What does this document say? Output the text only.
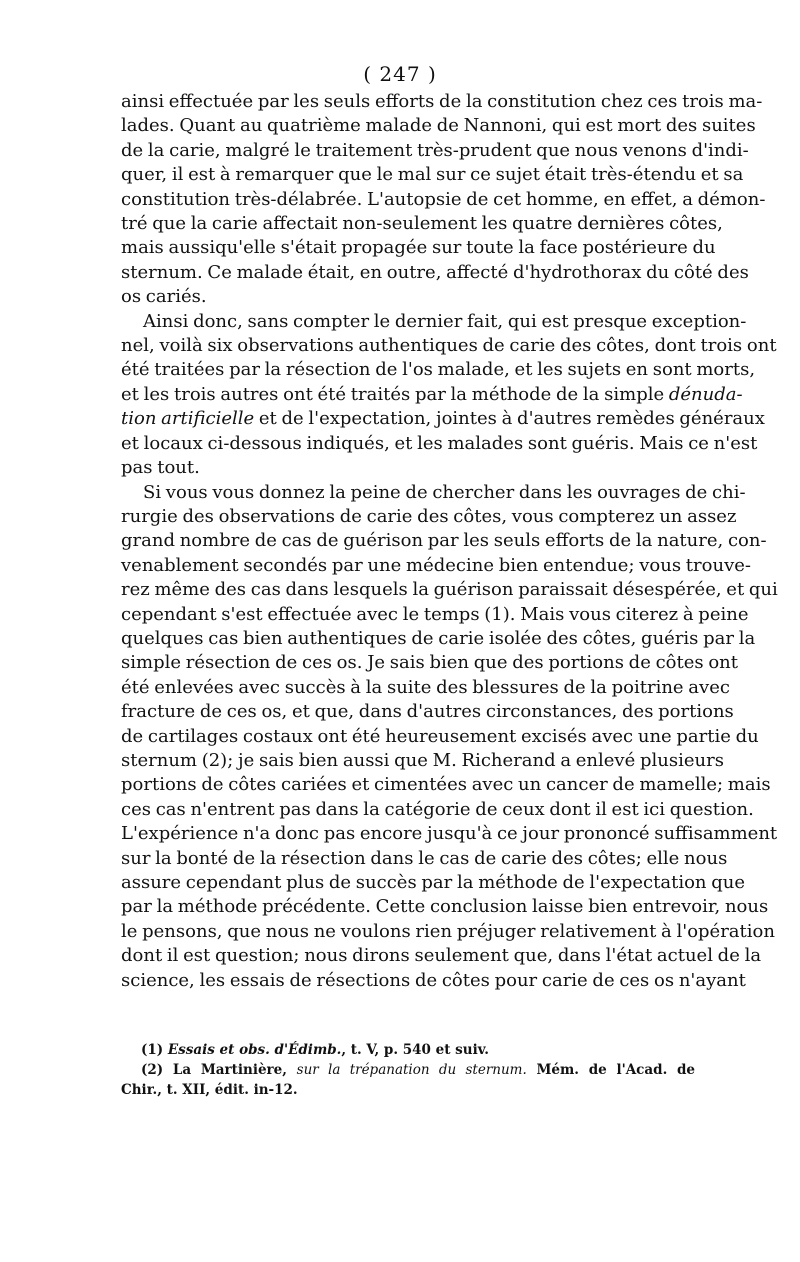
( 247 )
ainsi effectuée par les seuls efforts de la constitution chez ces trois ma-
lades. Quant au quatrième malade de Nannoni, qui est mort des suites
de la carie, malgré le traitement très-prudent que nous venons d'indi-
quer, il est à remarquer que le mal sur ce sujet était très-étendu et sa
constitution très-délabrée. L'autopsie de cet homme, en effet, a démon-
tré que la carie affectait non-seulement les quatre dernières côtes,
mais aussiqu'elle s'était propagée sur toute la face postérieure du
sternum. Ce malade était, en outre, affecté d'hydrothorax du côté des
os cariés.
Ainsi donc, sans compter le dernier fait, qui est presque exception-
nel, voilà six observations authentiques de carie des côtes, dont trois ont
été traitées par la résection de l'os malade, et les sujets en sont morts,
et les trois autres ont été traités par la méthode de la simple dénuda-
tion artificielle et de l'expectation, jointes à d'autres remèdes généraux
et locaux ci-dessous indiqués, et les malades sont guéris. Mais ce n'est
pas tout.
Si vous vous donnez la peine de chercher dans les ouvrages de chi-
rurgie des observations de carie des côtes, vous compterez un assez
grand nombre de cas de guérison par les seuls efforts de la nature, con-
venablement secondés par une médecine bien entendue; vous trouve-
rez même des cas dans lesquels la guérison paraissait désespérée, et qui
cependant s'est effectuée avec le temps (1). Mais vous citerez à peine
quelques cas bien authentiques de carie isolée des côtes, guéris par la
simple résection de ces os. Je sais bien que des portions de côtes ont
été enlevées avec succès à la suite des blessures de la poitrine avec
fracture de ces os, et que, dans d'autres circonstances, des portions
de cartilages costaux ont été heureusement excisés avec une partie du
sternum (2); je sais bien aussi que M. Richerand a enlevé plusieurs
portions de côtes cariées et cimentées avec un cancer de mamelle; mais
ces cas n'entrent pas dans la catégorie de ceux dont il est ici question.
L'expérience n'a donc pas encore jusqu'à ce jour prononcé suffisamment
sur la bonté de la résection dans le cas de carie des côtes; elle nous
assure cependant plus de succès par la méthode de l'expectation que
par la méthode précédente. Cette conclusion laisse bien entrevoir, nous
le pensons, que nous ne voulons rien préjuger relativement à l'opération
dont il est question; nous dirons seulement que, dans l'état actuel de la
science, les essais de résections de côtes pour carie de ces os n'ayant
(1) Essais et obs. d'Édimb., t. V, p. 540 et suiv.
(2) La Martinière, sur la trépanation du sternum. Mém. de l'Acad. de
Chir., t. XII, édit. in-12.
